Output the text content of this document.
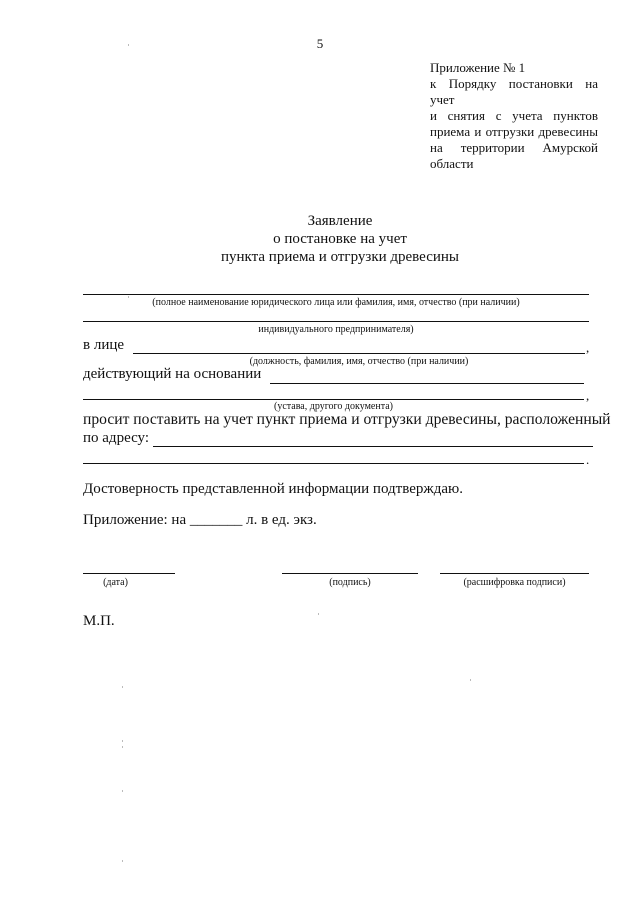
5
Приложение № 1
к Порядку постановки на учет
и снятия с учета пунктов
приема и отгрузки древесины
на территории Амурской
области
Заявление
о постановке на учет
пункта приема и отгрузки древесины
(полное наименование юридического лица или фамилия, имя, отчество (при наличии)
индивидуального предпринимателя)
в лице	,
(должность, фамилия, имя, отчество (при наличии)
действующий на основании
,
(устава, другого документа)
просит поставить на учет пункт приема и отгрузки древесины, расположенный
по адресу:
.
Достоверность представленной информации подтверждаю.
Приложение: на _______ л. в ед. экз.
(дата)	(подпись)	(расшифровка подписи)
М.П.
